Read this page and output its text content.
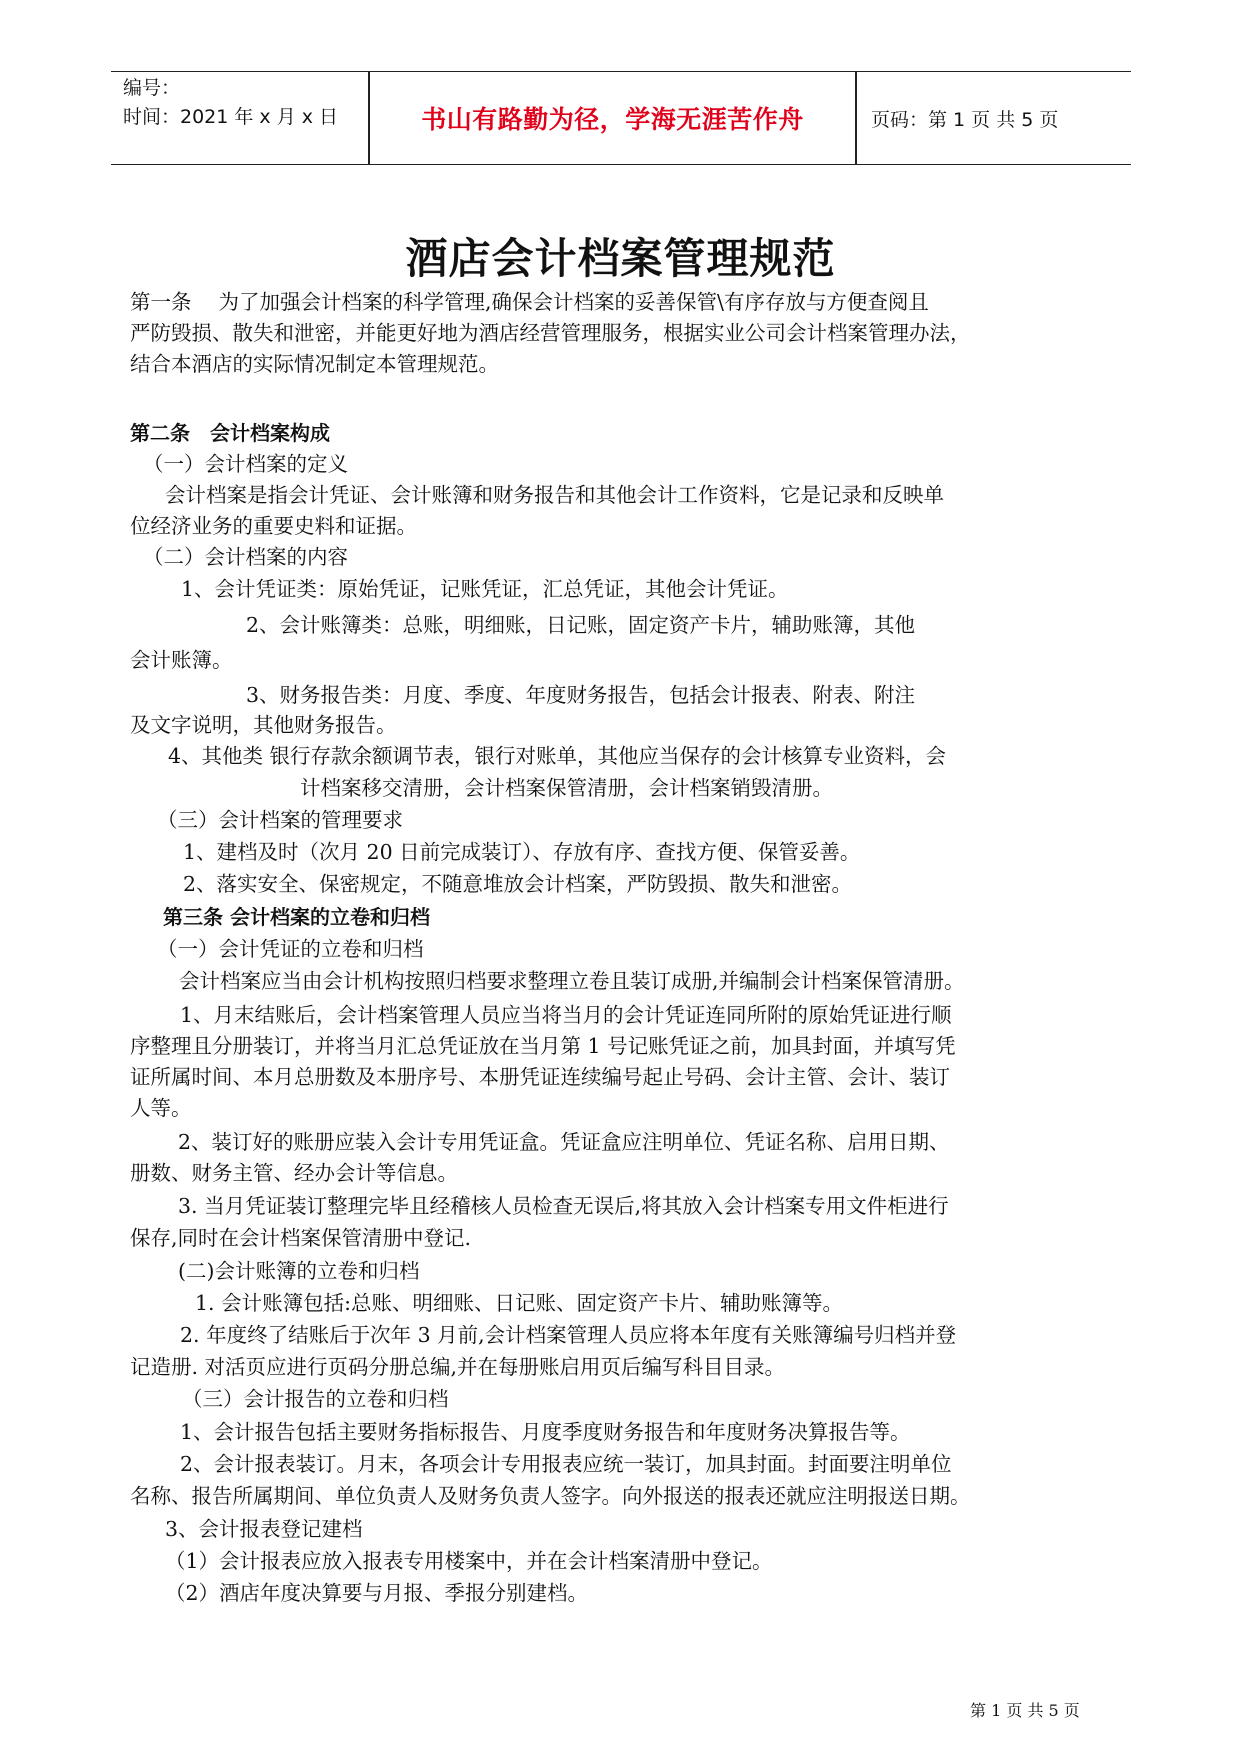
编号：
时间：2021 年 x 月 x 日	书山有路勤为径，学海无涯苦作舟	页码：第 1 页 共 5 页
酒店会计档案管理规范
第一条　 为了加强会计档案的科学管理,确保会计档案的妥善保管\有序存放与方便查阅且
严防毁损、散失和泄密，并能更好地为酒店经营管理服务，根据实业公司会计档案管理办法，
结合本酒店的实际情况制定本管理规范。
第二条　会计档案构成
（一）会计档案的定义
会计档案是指会计凭证、会计账簿和财务报告和其他会计工作资料，它是记录和反映单
位经济业务的重要史料和证据。
（二）会计档案的内容
1、会计凭证类：原始凭证，记账凭证，汇总凭证，其他会计凭证。
2、会计账簿类：总账，明细账，日记账，固定资产卡片，辅助账簿，其他
会计账簿。
3、财务报告类：月度、季度、年度财务报告，包括会计报表、附表、附注
及文字说明，其他财务报告。
4、其他类 银行存款余额调节表，银行对账单，其他应当保存的会计核算专业资料，会
计档案移交清册，会计档案保管清册，会计档案销毁清册。
（三）会计档案的管理要求
1、建档及时（次月 20 日前完成装订）、存放有序、查找方便、保管妥善。
2、落实安全、保密规定，不随意堆放会计档案，严防毁损、散失和泄密。
第三条 会计档案的立卷和归档
（一）会计凭证的立卷和归档
会计档案应当由会计机构按照归档要求整理立卷且装订成册,并编制会计档案保管清册。
1、月末结账后，会计档案管理人员应当将当月的会计凭证连同所附的原始凭证进行顺
序整理且分册装订，并将当月汇总凭证放在当月第 1 号记账凭证之前，加具封面，并填写凭
证所属时间、本月总册数及本册序号、本册凭证连续编号起止号码、会计主管、会计、装订
人等。
2、装订好的账册应装入会计专用凭证盒。凭证盒应注明单位、凭证名称、启用日期、
册数、财务主管、经办会计等信息。
3. 当月凭证装订整理完毕且经稽核人员检查无误后,将其放入会计档案专用文件柜进行
保存,同时在会计档案保管清册中登记.
(二)会计账簿的立卷和归档
1. 会计账簿包括:总账、明细账、日记账、固定资产卡片、辅助账簿等。
2. 年度终了结账后于次年 3 月前,会计档案管理人员应将本年度有关账簿编号归档并登
记造册. 对活页应进行页码分册总编,并在每册账启用页后编写科目目录。
（三）会计报告的立卷和归档
1、会计报告包括主要财务指标报告、月度季度财务报告和年度财务决算报告等。
2、会计报表装订。月末，各项会计专用报表应统一装订，加具封面。封面要注明单位
名称、报告所属期间、单位负责人及财务负责人签字。向外报送的报表还就应注明报送日期。
3、会计报表登记建档
（1）会计报表应放入报表专用楼案中，并在会计档案清册中登记。
（2）酒店年度决算要与月报、季报分别建档。
第 1 页 共 5 页
